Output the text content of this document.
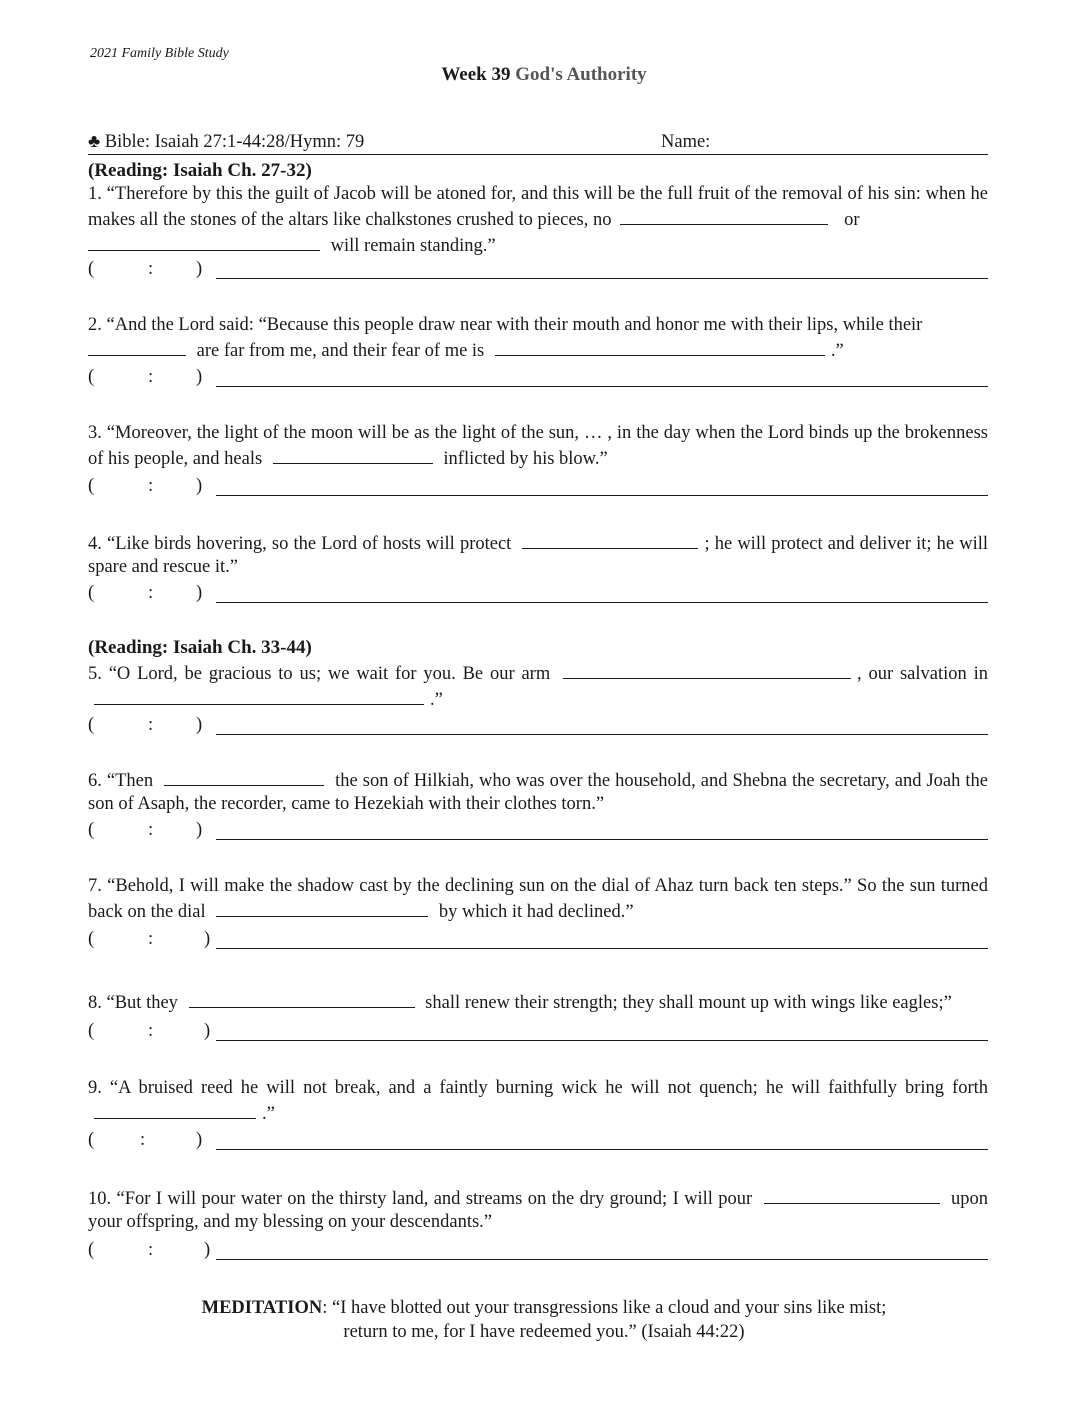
2021 Family Bible Study
Week 39 God's Authority
♣ Bible: Isaiah 27:1-44:28/Hymn: 79	Name:
(Reading: Isaiah Ch. 27-32)
1. “Therefore by this the guilt of Jacob will be atoned for, and this will be the full fruit of the removal of his sin: when he makes all the stones of the altars like chalkstones crushed to pieces, no	or
will remain standing.”
(	: )
2. “And the Lord said: “Because this people draw near with their mouth and honor me with their lips, while their
are far from me, and their fear of me is	.”
(	: )
3. “Moreover, the light of the moon will be as the light of the sun, … , in the day when the Lord binds up the brokenness of his people, and heals	inflicted by his blow.”
(	: )
4. “Like birds hovering, so the Lord of hosts will protect	; he will protect and deliver it; he will spare and rescue it.”
(	: )
(Reading: Isaiah Ch. 33-44)
5. “O Lord, be gracious to us; we wait for you. Be our arm	, our salvation in .”
(	: )
6. “Then	the son of Hilkiah, who was over the household, and Shebna the secretary, and Joah the son of Asaph, the recorder, came to Hezekiah with their clothes torn.”
(	: )
7. “Behold, I will make the shadow cast by the declining sun on the dial of Ahaz turn back ten steps.” So the sun turned back on the dial	by which it had declined.”
(	:	)
8. “But they	shall renew their strength; they shall mount up with wings like eagles;”
(	:	)
9. “A bruised reed he will not break, and a faintly burning wick he will not quench; he will faithfully bring forth .”
( :	)
10. “For I will pour water on the thirsty land, and streams on the dry ground; I will pour	upon your offspring, and my blessing on your descendants.”
(	:	)
MEDITATION: “I have blotted out your transgressions like a cloud and your sins like mist;
return to me, for I have redeemed you.” (Isaiah 44:22)
